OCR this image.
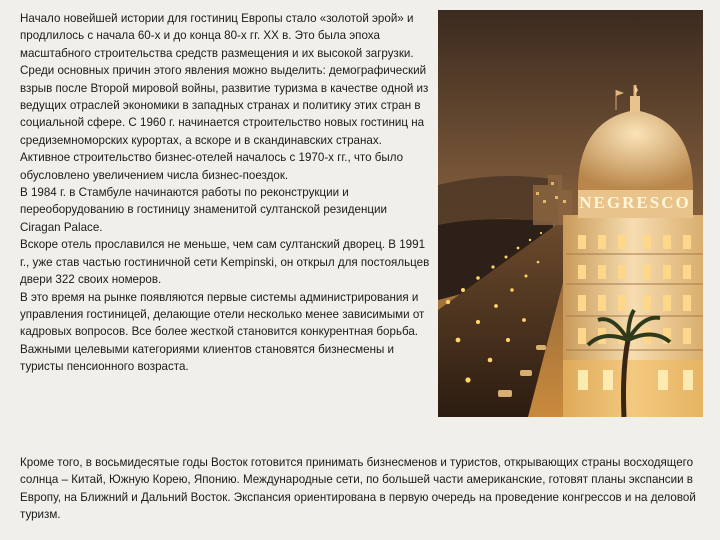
Начало новейшей истории для гостиниц Европы стало «золотой эрой» и продлилось с начала 60-х и до конца 80-х гг. XX в. Это была эпоха масштабного строительства средств размещения и их высокой загрузки. Среди основных причин этого явления можно выделить: демографический взрыв после Второй мировой войны, развитие туризма в качестве одной из ведущих отраслей экономики в западных странах и политику этих стран в социальной сфере. С 1960 г. начинается строительство новых гостиниц на средиземноморских курортах, а вскоре и в скандинавских странах. Активное строительство бизнес-отелей началось с 1970-х гг., что было обусловлено увеличением числа бизнес-поездок.

В 1984 г. в Стамбуле начинаются работы по реконструкции и переоборудованию в гостиницу знаменитой султанской резиденции Ciragan Palace.

Вскоре отель прославился не меньше, чем сам султанский дворец. В 1991 г., уже став частью гостиничной сети Kempinski, он открыл для постояльцев двери 322 своих номеров.

В это время на рынке появляются первые системы администрирования и управления гостиницей, делающие отели несколько менее зависимыми от кадровых вопросов. Все более жесткой становится конкурентная борьба. Важными целевыми категориями клиентов становятся бизнесмены и туристы пенсионного возраста.

NEGRESCO

Кроме того, в восьмидесятые годы Восток готовится принимать бизнесменов и туристов, открывающих страны восходящего солнца – Китай, Южную Корею, Японию. Международные сети, по большей части американские, готовят планы экспансии в Европу, на Ближний и Дальний Восток. Экспансия ориентирована в первую очередь на проведение конгрессов и на деловой туризм.
